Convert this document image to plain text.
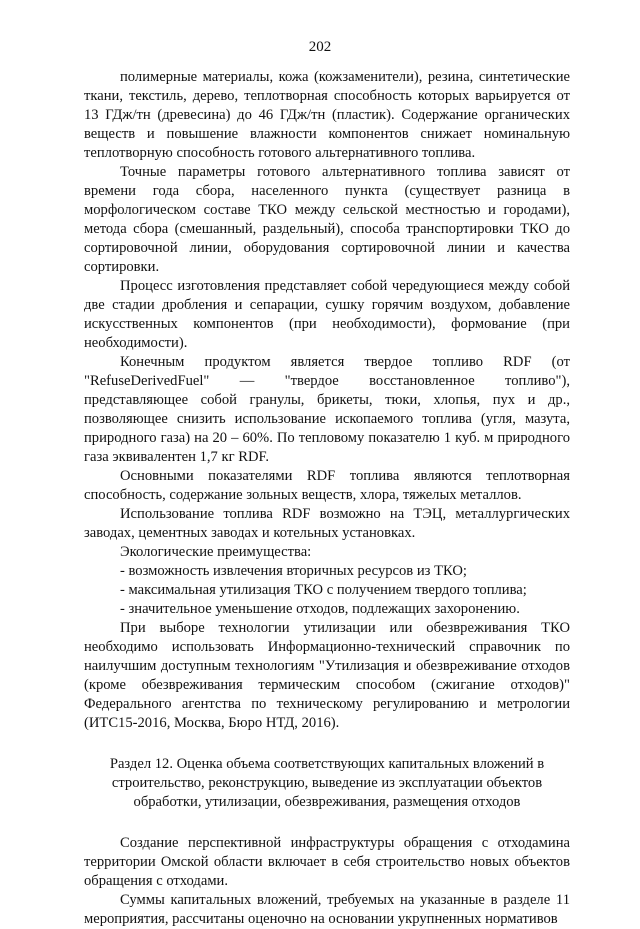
202

полимерные материалы, кожа (кожзаменители), резина, синтетические ткани, текстиль, дерево, теплотворная способность которых варьируется от 13 ГДж/тн (древесина) до 46 ГДж/тн (пластик). Содержание органических веществ и повышение влажности компонентов снижает номинальную теплотворную способность готового альтернативного топлива.

Точные параметры готового альтернативного топлива зависят от времени года сбора, населенного пункта (существует разница в морфологическом составе ТКО между сельской местностью и городами), метода сбора (смешанный, раздельный), способа транспортировки ТКО до сортировочной линии, оборудования сортировочной линии и качества сортировки.

Процесс изготовления представляет собой чередующиеся между собой две стадии дробления и сепарации, сушку горячим воздухом, добавление искусственных компонентов (при необходимости), формование (при необходимости).

Конечным продуктом является твердое топливо RDF (от "RefuseDerivedFuel" — "твердое восстановленное топливо"), представляющее собой гранулы, брикеты, тюки, хлопья, пух и др., позволяющее снизить использование ископаемого топлива (угля, мазута, природного газа) на 20 – 60%. По тепловому показателю 1 куб. м природного газа эквивалентен 1,7 кг RDF.

Основными показателями RDF топлива являются теплотворная способность, содержание зольных веществ, хлора, тяжелых металлов.

Использование топлива RDF возможно на ТЭЦ, металлургических заводах, цементных заводах и котельных установках.

Экологические преимущества:

- возможность извлечения вторичных ресурсов из ТКО;
- максимальная утилизация ТКО с получением твердого топлива;
- значительное уменьшение отходов, подлежащих захоронению.

При выборе технологии утилизации или обезвреживания ТКО необходимо использовать Информационно-технический справочник по наилучшим доступным технологиям "Утилизация и обезвреживание отходов (кроме обезвреживания термическим способом (сжигание отходов)" Федерального агентства по техническому регулированию и метрологии (ИТС15-2016, Москва, Бюро НТД, 2016).

Раздел 12. Оценка объема соответствующих капитальных вложений в
строительство, реконструкцию, выведение из эксплуатации объектов
обработки, утилизации, обезвреживания, размещения отходов

Создание перспективной инфраструктуры обращения с отходамина территории Омской области включает в себя строительство новых объектов обращения с отходами.

Суммы капитальных вложений, требуемых на указанные в разделе 11 мероприятия, рассчитаны оценочно на основании укрупненных нормативов
